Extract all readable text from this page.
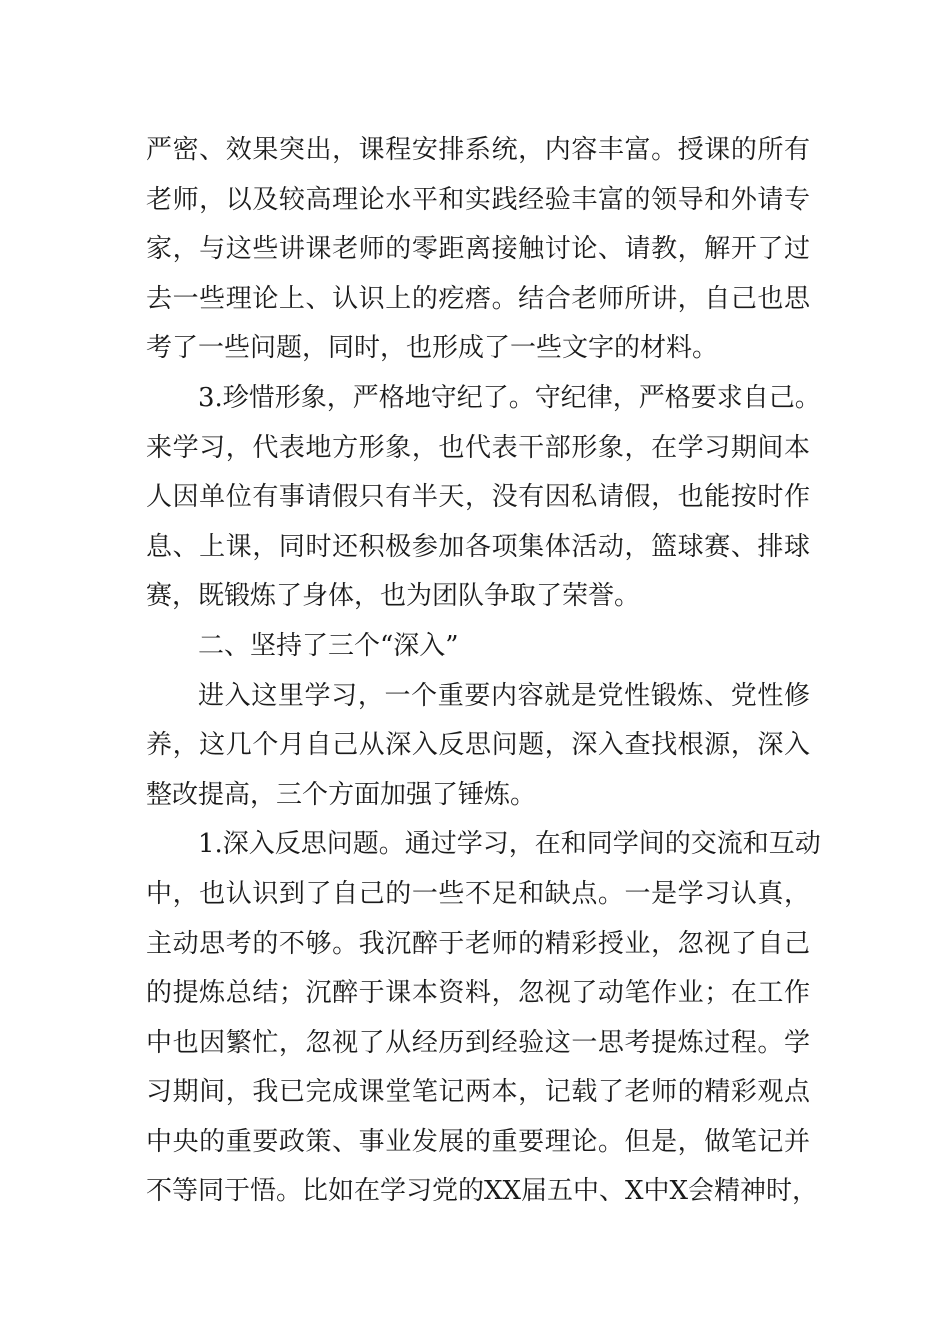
严密、效果突出，课程安排系统，内容丰富。授课的所有
老师，以及较高理论水平和实践经验丰富的领导和外请专
家，与这些讲课老师的零距离接触讨论、请教，解开了过
去一些理论上、认识上的疙瘩。结合老师所讲，自己也思
考了一些问题，同时，也形成了一些文字的材料。
3.珍惜形象，严格地守纪了。守纪律，严格要求自己。
来学习，代表地方形象，也代表干部形象，在学习期间本
人因单位有事请假只有半天，没有因私请假，也能按时作
息、上课，同时还积极参加各项集体活动，篮球赛、排球
赛，既锻炼了身体，也为团队争取了荣誉。
二、坚持了三个“深入”
进入这里学习，一个重要内容就是党性锻炼、党性修
养，这几个月自己从深入反思问题，深入查找根源，深入
整改提高，三个方面加强了锤炼。
1.深入反思问题。通过学习，在和同学间的交流和互动
中，也认识到了自己的一些不足和缺点。一是学习认真，
主动思考的不够。我沉醉于老师的精彩授业，忽视了自己
的提炼总结；沉醉于课本资料，忽视了动笔作业；在工作
中也因繁忙，忽视了从经历到经验这一思考提炼过程。学
习期间，我已完成课堂笔记两本，记载了老师的精彩观点
中央的重要政策、事业发展的重要理论。但是，做笔记并
不等同于悟。比如在学习党的XX届五中、X中X会精神时，
